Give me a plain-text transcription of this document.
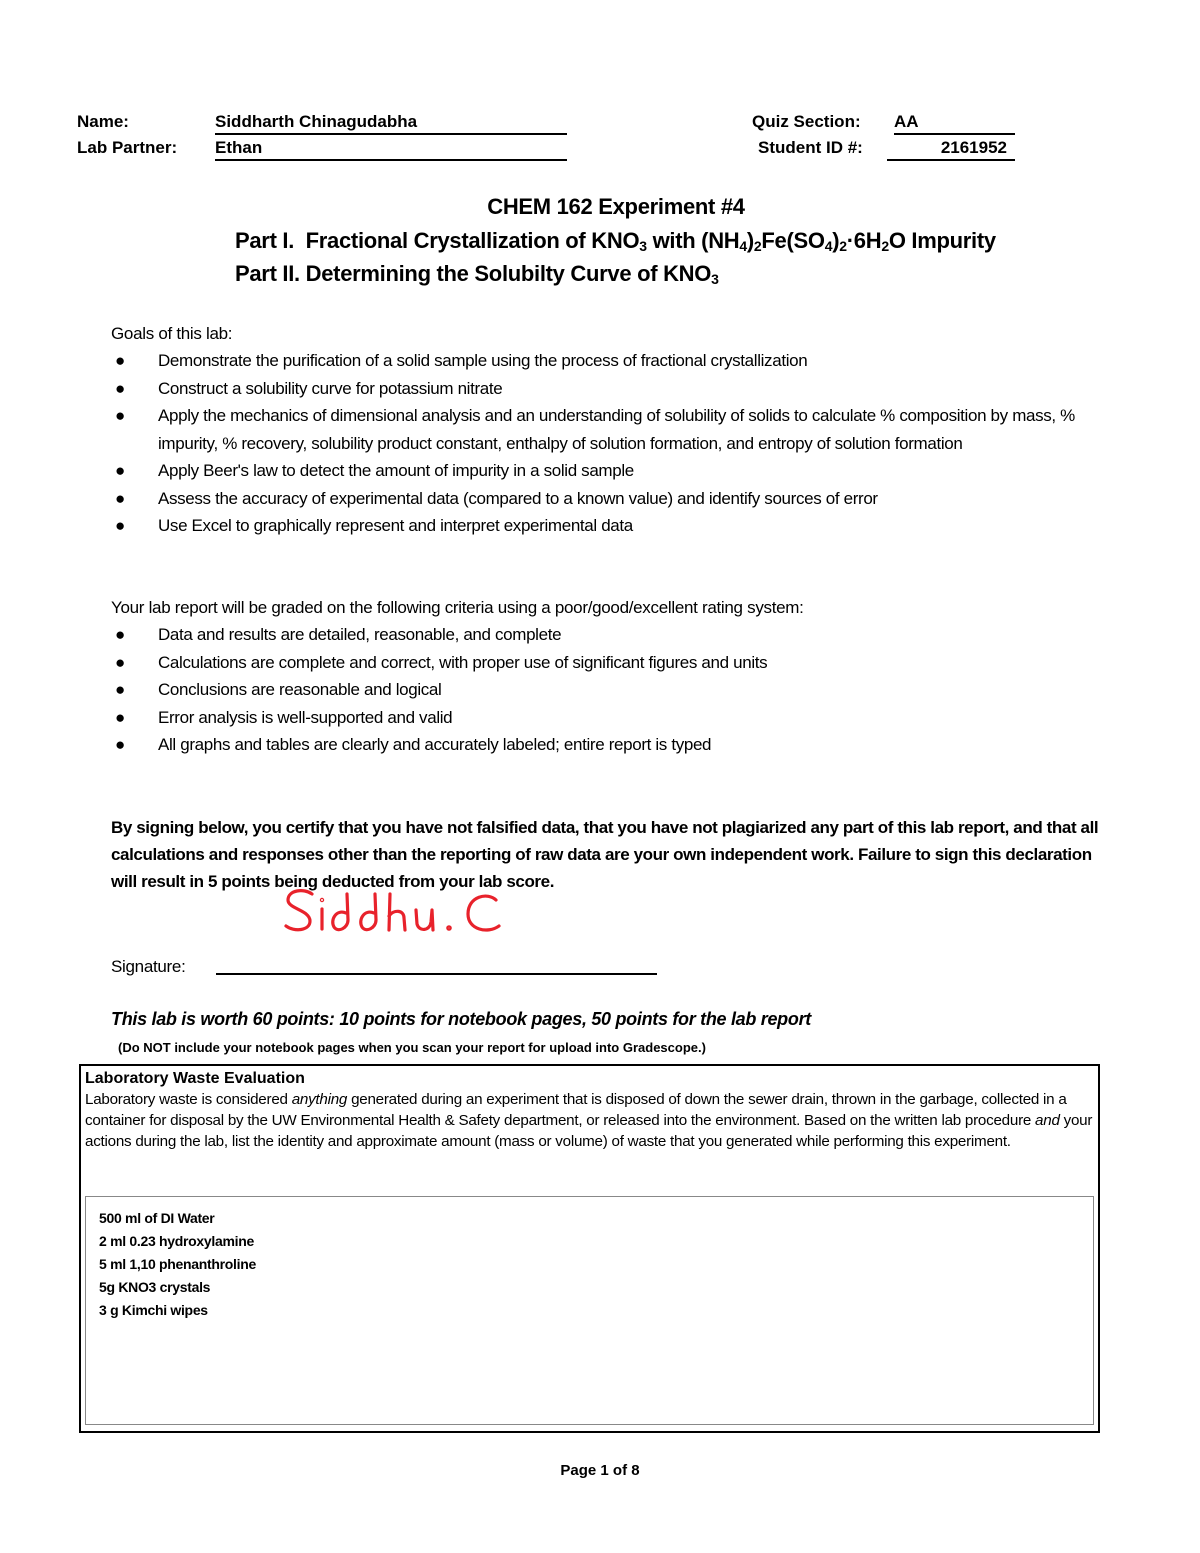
Name:	Siddharth Chinagudabha
Lab Partner: Ethan
Quiz Section: AA
Student ID #:	2161952
CHEM 162 Experiment #4
Part I.  Fractional Crystallization of $KNO_3$ with $(NH_4)_2Fe(SO_4)_2\cdot 6H_2O$ Impurity
Part II. Determining the Solubilty Curve of $KNO_3$
Goals of this lab:
● Demonstrate the purification of a solid sample using the process of fractional crystallization
● Construct a solubility curve for potassium nitrate
● Apply the mechanics of dimensional analysis and an understanding of solubility of solids to calculate % composition by mass, % impurity, % recovery, solubility product constant, enthalpy of solution formation, and entropy of solution formation
● Apply Beer's law to detect the amount of impurity in a solid sample
● Assess the accuracy of experimental data (compared to a known value) and identify sources of error
● Use Excel to graphically represent and interpret experimental data
Your lab report will be graded on the following criteria using a poor/good/excellent rating system:
● Data and results are detailed, reasonable, and complete
● Calculations are complete and correct, with proper use of significant figures and units
● Conclusions are reasonable and logical
● Error analysis is well-supported and valid
● All graphs and tables are clearly and accurately labeled; entire report is typed
By signing below, you certify that you have not falsified data, that you have not plagiarized any part of this lab report, and that all calculations and responses other than the reporting of raw data are your own independent work. Failure to sign this declaration will result in 5 points being deducted from your lab score.
Signature:
This lab is worth 60 points: 10 points for notebook pages, 50 points for the lab report
(Do NOT include your notebook pages when you scan your report for upload into Gradescope.)
Laboratory Waste Evaluation
Laboratory waste is considered anything generated during an experiment that is disposed of down the sewer drain, thrown in the garbage, collected in a container for disposal by the UW Environmental Health & Safety department, or released into the environment. Based on the written lab procedure and your actions during the lab, list the identity and approximate amount (mass or volume) of waste that you generated while performing this experiment.
500 ml of DI Water
2 ml 0.23 hydroxylamine
5 ml 1,10 phenanthroline
5g KNO3 crystals
3 g Kimchi wipes
Page 1 of 8
